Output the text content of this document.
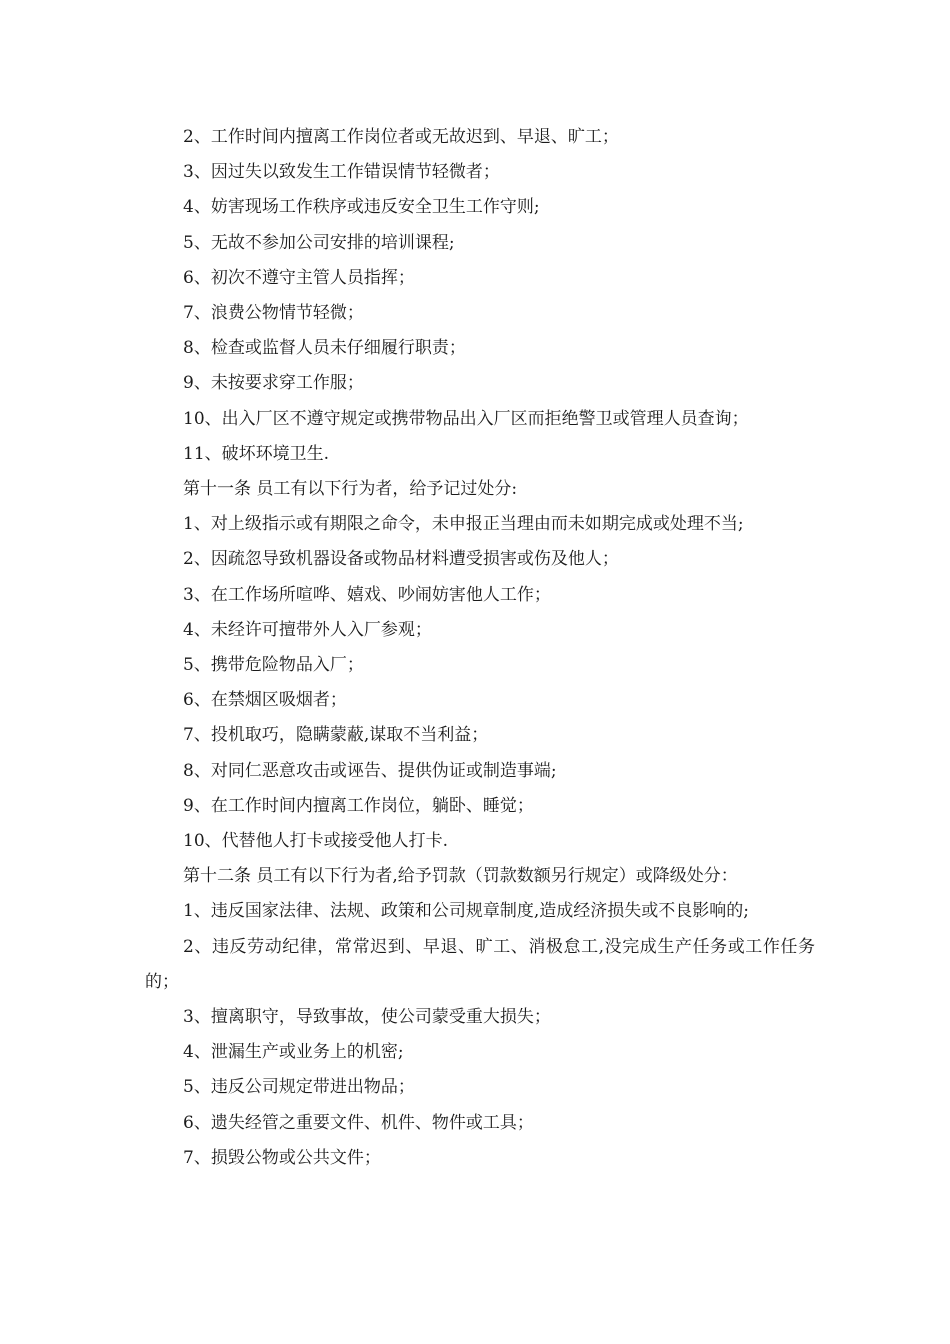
2、工作时间内擅离工作岗位者或无故迟到、早退、旷工；

3、因过失以致发生工作错误情节轻微者；

4、妨害现场工作秩序或违反安全卫生工作守则;

5、无故不参加公司安排的培训课程;

6、初次不遵守主管人员指挥；

7、浪费公物情节轻微；

8、检查或监督人员未仔细履行职责；

9、未按要求穿工作服；

10、出入厂区不遵守规定或携带物品出入厂区而拒绝警卫或管理人员查询；

11、破坏环境卫生.

第十一条 员工有以下行为者，给予记过处分:

1、对上级指示或有期限之命令，未申报正当理由而未如期完成或处理不当;

2、因疏忽导致机器设备或物品材料遭受损害或伤及他人；

3、在工作场所喧哗、嬉戏、吵闹妨害他人工作；

4、未经许可擅带外人入厂参观；

5、携带危险物品入厂；

6、在禁烟区吸烟者；

7、投机取巧，隐瞒蒙蔽,谋取不当利益；

8、对同仁恶意攻击或诬告、提供伪证或制造事端;

9、在工作时间内擅离工作岗位，躺卧、睡觉；

10、代替他人打卡或接受他人打卡.

第十二条 员工有以下行为者,给予罚款（罚款数额另行规定）或降级处分：

1、违反国家法律、法规、政策和公司规章制度,造成经济损失或不良影响的;

2、违反劳动纪律，常常迟到、早退、旷工、消极怠工,没完成生产任务或工作任务的；

3、擅离职守，导致事故，使公司蒙受重大损失；

4、泄漏生产或业务上的机密;

5、违反公司规定带进出物品；

6、遗失经管之重要文件、机件、物件或工具；

7、损毁公物或公共文件；
